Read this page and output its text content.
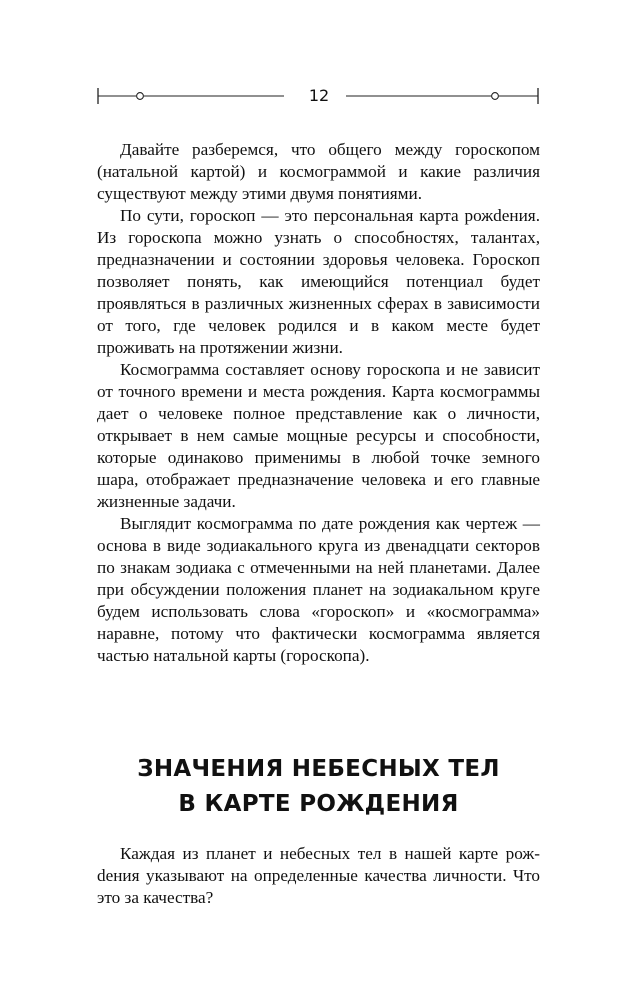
12

Давайте разберемся, что общего между гороскопом (натальной картой) и космограммой и какие различия существуют между этими двумя понятиями.

По сути, гороскоп — это персональная карта рожdения. Из гороскопа можно узнать о способностях, талантах, предназначении и состоянии здоровья человека. Гороскоп позволяет понять, как имеющийся потенциал будет проявляться в различных жизненных сферах в зависимости от того, где человек родился и в каком месте будет проживать на протяжении жизни.

Космограмма составляет основу гороскопа и не зависит от точного времени и места рождения. Карта космограммы дает о человеке полное представление как о личности, открывает в нем самые мощные ресурсы и способности, которые одинаково применимы в любой точке земного шара, отображает предназначение человека и его главные жизненные задачи.

Выглядит космограмма по дате рождения как чертеж — основа в виде зодиакального круга из двенадцати секторов по знакам зодиака с отмеченными на ней планетами. Далее при обсуждении положения планет на зодиакальном круге будем использовать слова «гороскоп» и «космограмма» наравне, потому что фактически космограмма является частью натальной карты (гороскопа).

ЗНАЧЕНИЯ НЕБЕСНЫХ ТЕЛ
В КАРТЕ РОЖДЕНИЯ

Каждая из планет и небесных тел в нашей карте рожdения указывают на определенные качества личности. Что это за качества?
